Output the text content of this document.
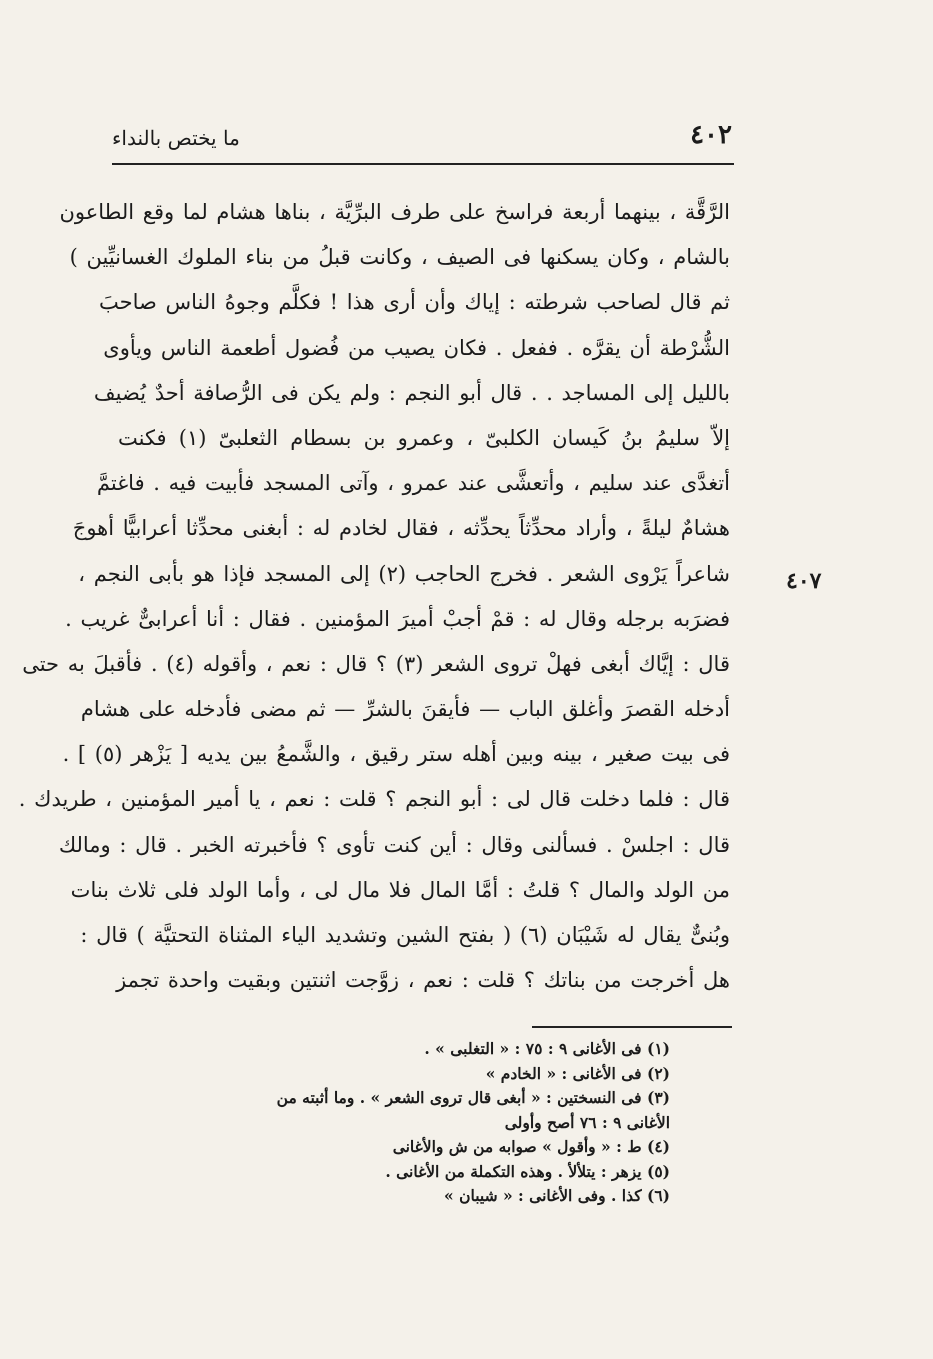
٤٠٢
ما يختص بالنداء
٤٠٧
الرَّقَّة ، بينهما أربعة فراسخ على طرف البرِّيَّة ، بناها هشام لما وقع الطاعون
بالشام ، وكان يسكنها فى الصيف ، وكانت قبلُ من بناء الملوك الغسانيِّين )
ثم قال لصاحب شرطته : إياك وأن أرى هذا ! فكلَّم وجوهُ الناس صاحبَ
الشُّرْطة أن يقرَّه . ففعل . فكان يصيب من فُضول أطعمة الناس ويأوى
بالليل إلى المساجد . . قال أبو النجم : ولم يكن فى الرُّصافة أحدٌ يُضيف
إلاّ سليمُ بنُ كَيسان الكلبىّ ، وعمرو بن بسطام الثعلبىّ (١) فكنت
أتغدَّى عند سليم ، وأتعشَّى عند عمرو ، وآتى المسجد فأبيت فيه . فاغتمَّ
هشامٌ ليلةً ، وأراد محدِّثاً يحدِّثه ، فقال لخادم له : أبغنى محدِّثا أعرابيًّا أهوجَ
شاعراً يَرْوى الشعر . فخرج الحاجب (٢) إلى المسجد فإذا هو بأبى النجم ،
فضرَبه برجله وقال له : قمْ أجبْ أميرَ المؤمنين . فقال : أنا أعرابىٌّ غريب .
قال : إيَّاك أبغى فهلْ تروى الشعر (٣) ؟ قال : نعم ، وأقوله (٤) . فأقبلَ به حتى
أدخله القصرَ وأغلق الباب — فأيقنَ بالشرِّ — ثم مضى فأدخله على هشام
فى بيت صغير ، بينه وبين أهله ستر رقيق ، والشَّمعُ بين يديه [ يَزْهر (٥) ] .
قال : فلما دخلت قال لى : أبو النجم ؟ قلت : نعم ، يا أمير المؤمنين ، طريدك .
قال : اجلسْ . فسألنى وقال : أين كنت تأوى ؟ فأخبرته الخبر . قال : ومالك
من الولد والمال ؟ قلتُ : أمَّا المال فلا مال لى ، وأما الولد فلى ثلاث بنات
وبُنىٌّ يقال له شَيْبَان (٦) ( بفتح الشين وتشديد الياء المثناة التحتيَّة ) قال :
هل أخرجت من بناتك ؟ قلت : نعم ، زوَّجت اثنتين وبقيت واحدة تجمز
(١) فى الأغانى ٩ : ٧٥ : « التغلبى » .
(٢) فى الأغانى : « الخادم »
(٣) فى النسختين : « أبغى قال تروى الشعر » . وما أثبته من
الأغانى ٩ : ٧٦ أصح وأولى
(٤) ط : « وأقول » صوابه من ش والأغانى
(٥) يزهر : يتلألأ . وهذه التكملة من الأغانى .
(٦) كذا . وفى الأغانى : « شيبان »
